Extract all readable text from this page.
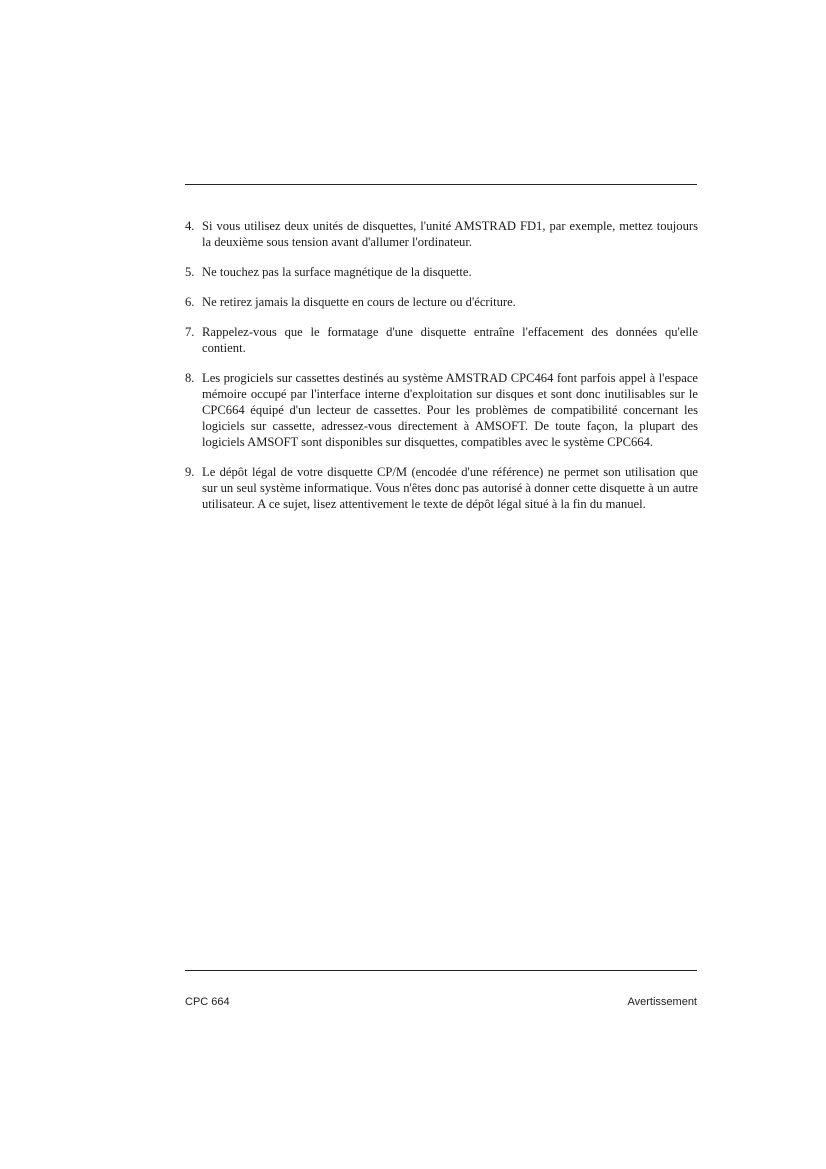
4. Si vous utilisez deux unités de disquettes, l'unité AMSTRAD FD1, par exemple, mettez toujours la deuxième sous tension avant d'allumer l'ordinateur.
5. Ne touchez pas la surface magnétique de la disquette.
6. Ne retirez jamais la disquette en cours de lecture ou d'écriture.
7. Rappelez-vous que le formatage d'une disquette entraîne l'effacement des données qu'elle contient.
8. Les progiciels sur cassettes destinés au système AMSTRAD CPC464 font parfois appel à l'espace mémoire occupé par l'interface interne d'exploitation sur disques et sont donc inutilisables sur le CPC664 équipé d'un lecteur de cassettes. Pour les problèmes de compatibilité concernant les logiciels sur cassette, adressez-vous directement à AMSOFT. De toute façon, la plupart des logiciels AMSOFT sont disponibles sur disquettes, compatibles avec le système CPC664.
9. Le dépôt légal de votre disquette CP/M (encodée d'une référence) ne permet son utilisation que sur un seul système informatique. Vous n'êtes donc pas autorisé à donner cette disquette à un autre utilisateur. A ce sujet, lisez attentivement le texte de dépôt légal situé à la fin du manuel.
CPC 664	Avertissement
